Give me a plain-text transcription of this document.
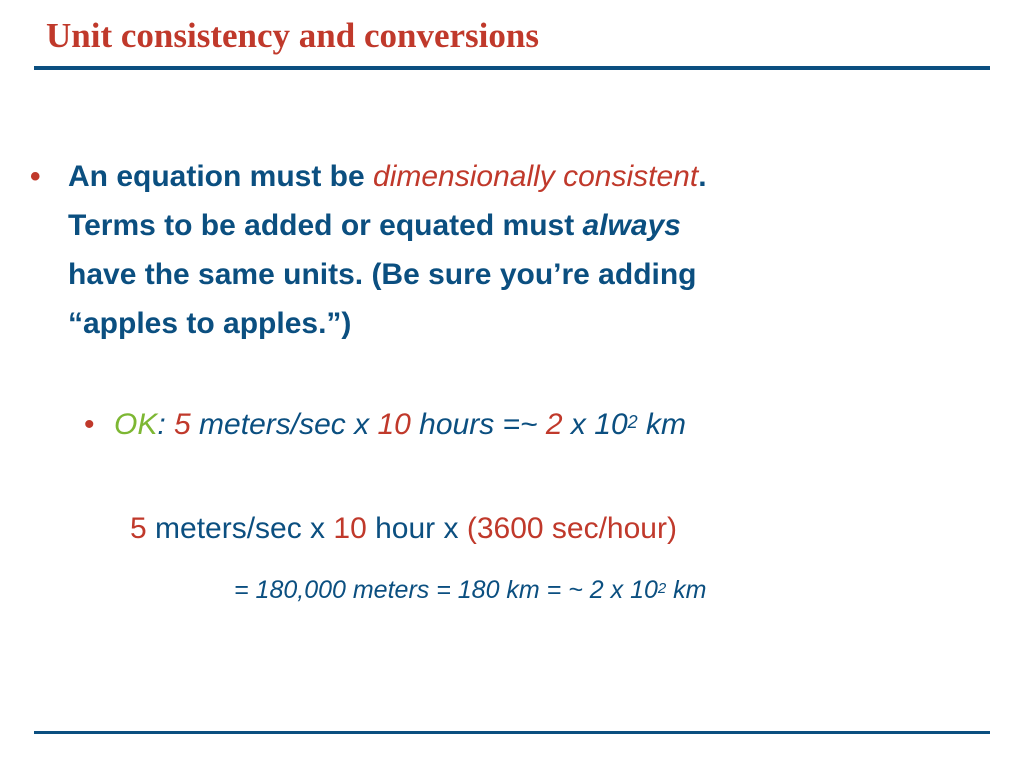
Unit consistency and conversions
• An equation must be dimensionally consistent.
Terms to be added or equated must always
have the same units. (Be sure you’re adding
“apples to apples.”)
• OK: 5 meters/sec x 10 hours =~ 2 x $10^2$ km
5 meters/sec x 10 hour x (3600 sec/hour)
= 180,000 meters = 180 km = ~ 2 x $10^2$ km
